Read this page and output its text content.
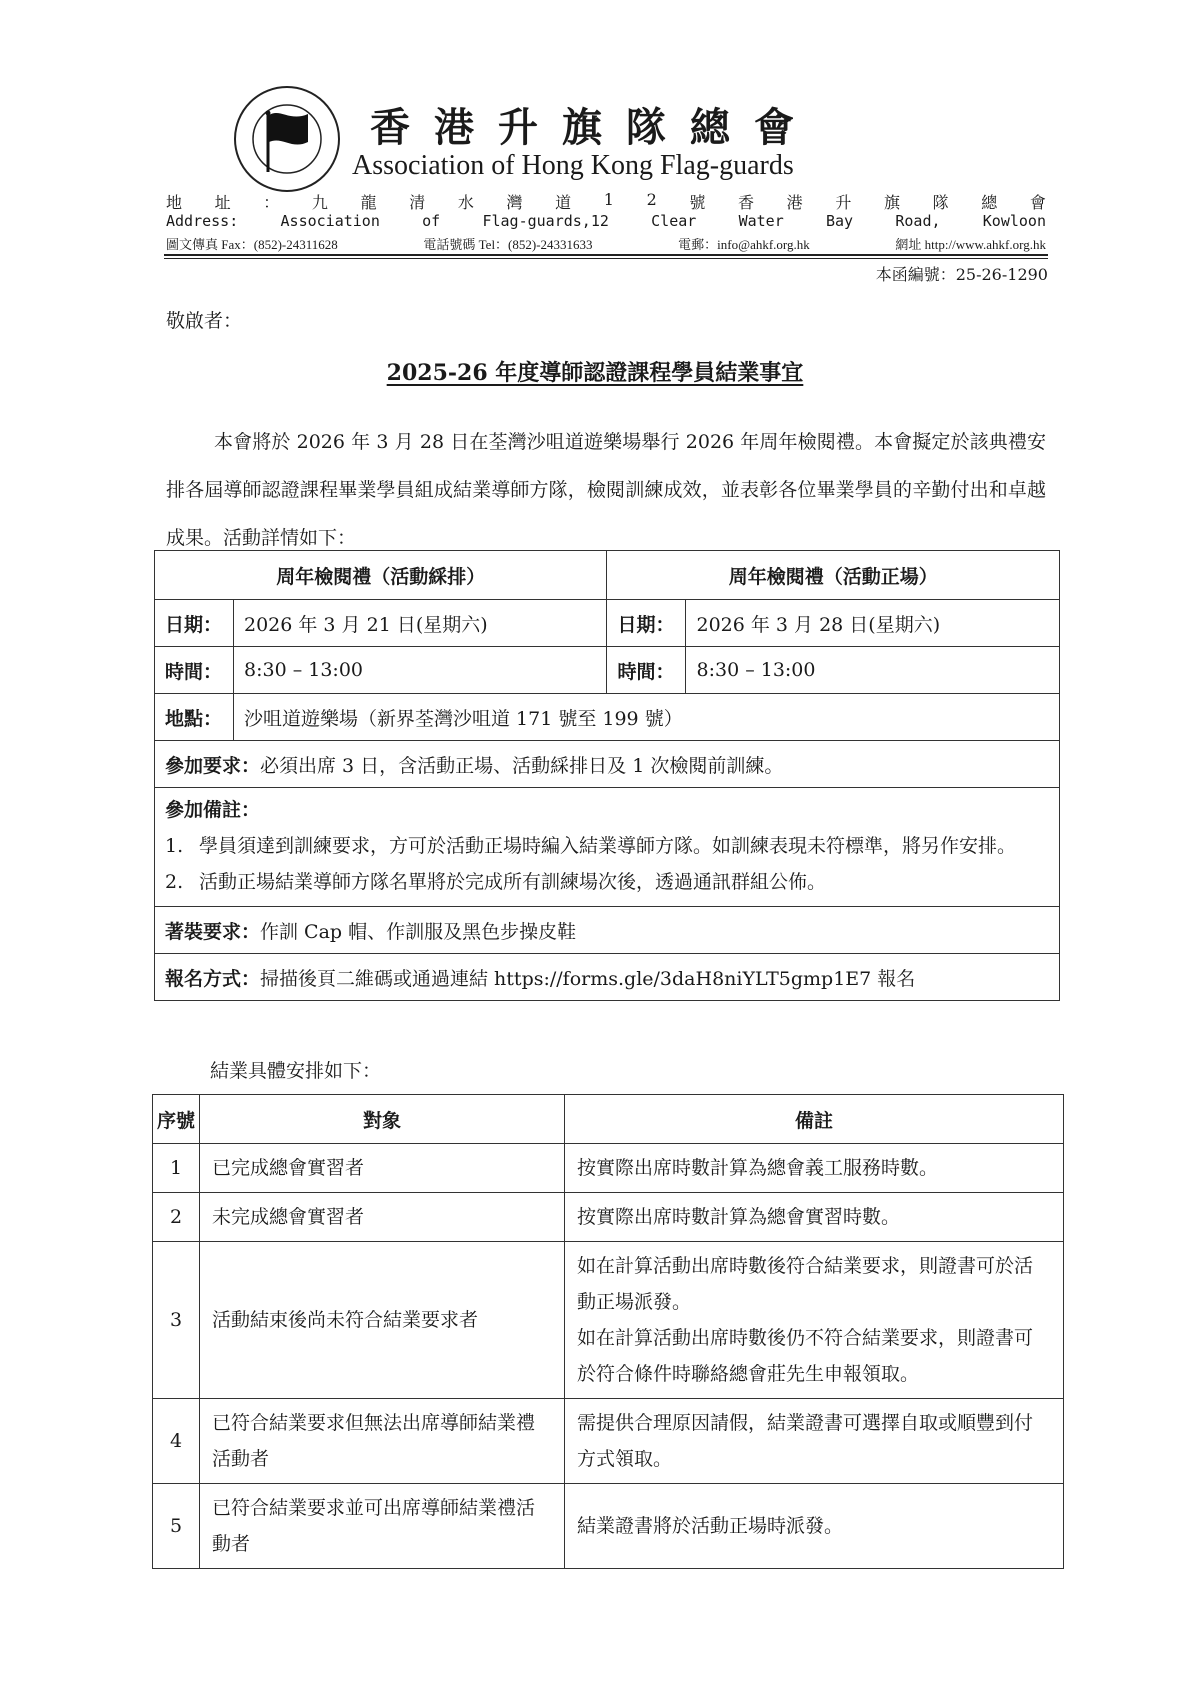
香港升旗隊總會
Association of Hong Kong Flag-guards
地 址 ： 九 龍 清 水 灣 道 1 2 號 香 港 升 旗 隊 總 會
Address:	Association	of	Flag-guards,12	Clear	Water	Bay	Road,	Kowloon
圖文傳真 Fax：(852)-24311628	電話號碼 Tel：(852)-24331633	電郵：info@ahkf.org.hk	網址 http://www.ahkf.org.hk
本函編號：25-26-1290
敬啟者：
2025-26 年度導師認證課程學員結業事宜
本會將於 2026 年 3 月 28 日在荃灣沙咀道遊樂場舉行 2026 年周年檢閱禮。本會擬定於該典禮安排各屆導師認證課程畢業學員組成結業導師方隊，檢閱訓練成效，並表彰各位畢業學員的辛勤付出和卓越成果。活動詳情如下：
周年檢閱禮（活動綵排）		周年檢閱禮（活動正場）	
日期：	2026 年 3 月 21 日(星期六)	日期：	2026 年 3 月 28 日(星期六)
時間：	8:30 – 13:00	時間：	8:30 – 13:00
地點：	沙咀道遊樂場（新界荃灣沙咀道 171 號至 199 號）		
參加要求：必須出席 3 日，含活動正場、活動綵排日及 1 次檢閱前訓練。			

參加備註：
1. 學員須達到訓練要求，方可於活動正場時編入結業導師方隊。如訓練表現未符標準，將另作安排。
2. 活動正場結業導師方隊名單將於完成所有訓練場次後，透過通訊群組公佈。			

著裝要求：作訓 Cap 帽、作訓服及黑色步操皮鞋			
報名方式：掃描後頁二維碼或通過連結 https://forms.gle/3daH8niYLT5gmp1E7 報名			
結業具體安排如下：
序號	對象	備註
1	已完成總會實習者	按實際出席時數計算為總會義工服務時數。
2	未完成總會實習者	按實際出席時數計算為總會實習時數。
3	活動結束後尚未符合結業要求者	如在計算活動出席時數後符合結業要求，則證書可於活動正場派發。
如在計算活動出席時數後仍不符合結業要求，則證書可於符合條件時聯絡總會莊先生申報領取。

4	已符合結業要求但無法出席導師結業禮活動者	需提供合理原因請假，結業證書可選擇自取或順豐到付方式領取。
5	已符合結業要求並可出席導師結業禮活動者	結業證書將於活動正場時派發。
